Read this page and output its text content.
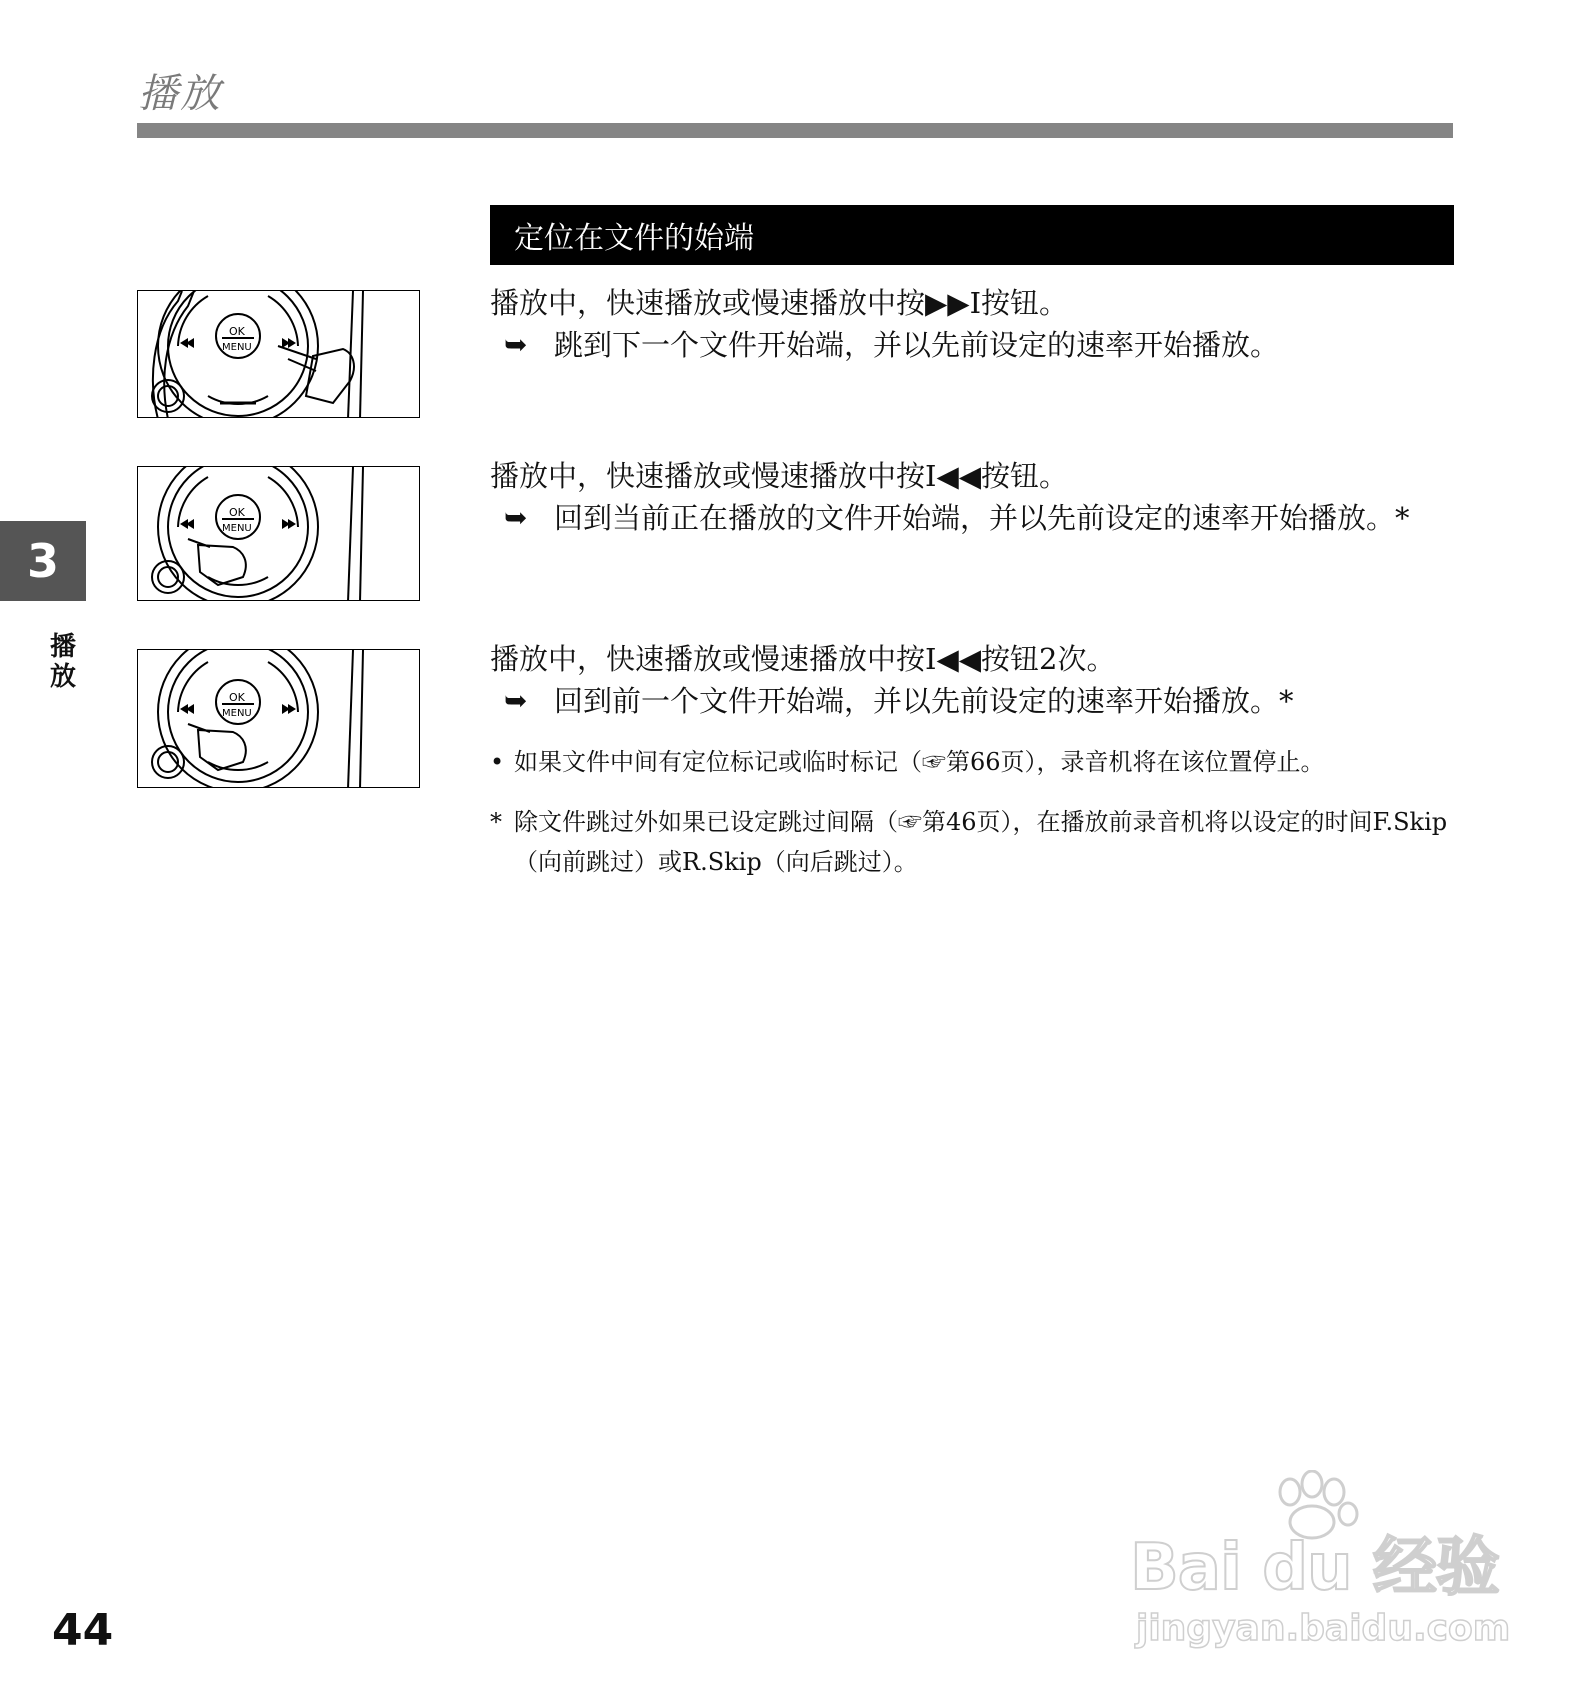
播放
定位在文件的始端
OK
MENU
OK
MENU
OK
MENU
播放中，快速播放或慢速播放中按▶▶I按钮。
➥ 跳到下一个文件开始端，并以先前设定的速率开始播放。
播放中，快速播放或慢速播放中按I◀◀按钮。
➥ 回到当前正在播放的文件开始端，并以先前设定的速率开始播放。*
播放中，快速播放或慢速播放中按I◀◀按钮2次。
➥ 回到前一个文件开始端，并以先前设定的速率开始播放。*
• 如果文件中间有定位标记或临时标记（☞第66页），录音机将在该位置停止。
* 除文件跳过外如果已设定跳过间隔（☞第46页），在播放前录音机将以设定的时间F.Skip（向前跳过）或R.Skip（向后跳过）。
3
播
放
44
Bai du 经验
jingyan.baidu.com
